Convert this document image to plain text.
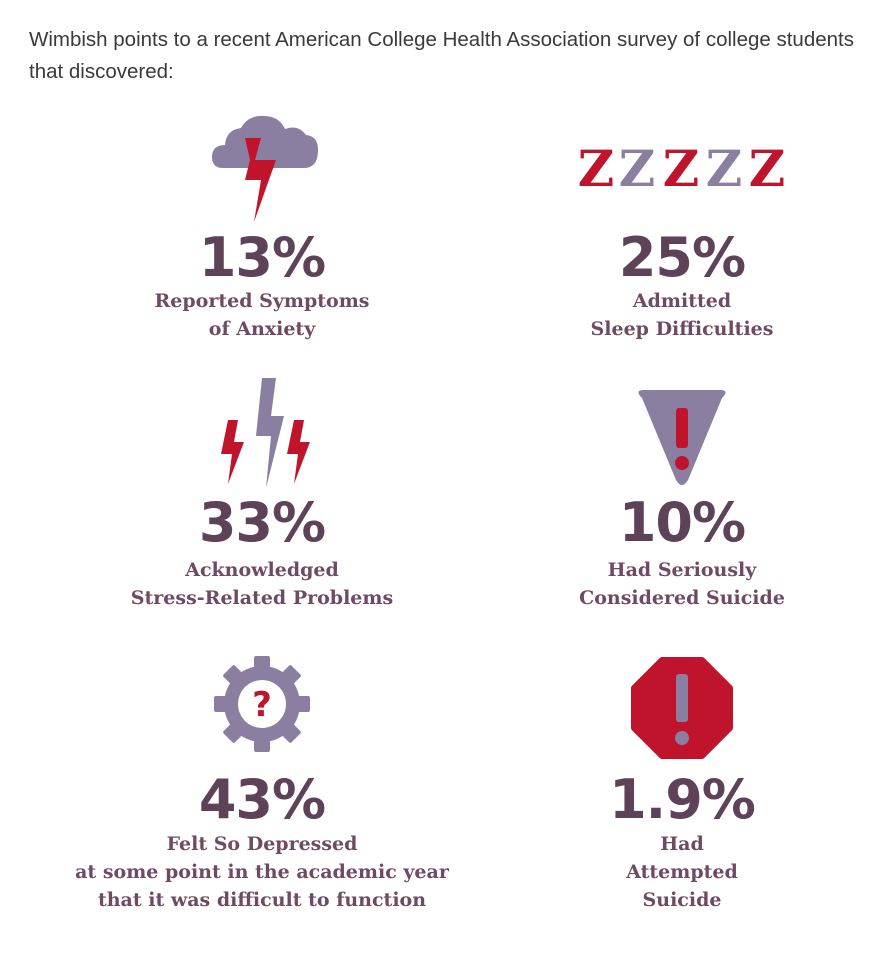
Wimbish points to a recent American College Health Association survey of college students that discovered:

13%
Reported Symptoms
of Anxiety
Z Z Z Z Z
25%
Admitted
Sleep Difficulties
33%
Acknowledged
Stress-Related Problems
10%
Had Seriously
Considered Suicide
?
43%
Felt So Depressed
at some point in the academic year
that it was difficult to function
1.9%
Had
Attempted
Suicide
